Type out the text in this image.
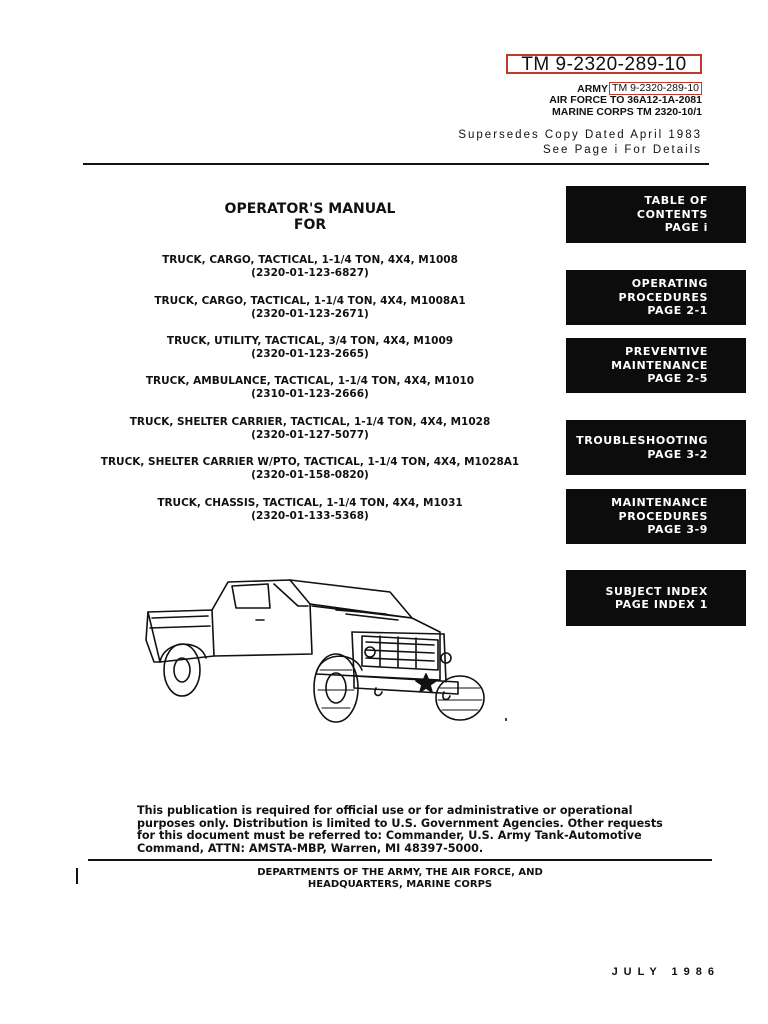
TM 9-2320-289-10
ARMY TM 9-2320-289-10
AIR FORCE TO 36A12-1A-2081
MARINE CORPS TM 2320-10/1
Supersedes Copy Dated April 1983
See Page i For Details
OPERATOR'S MANUAL
FOR
TRUCK, CARGO, TACTICAL, 1-1/4 TON, 4X4, M1008
(2320-01-123-6827)
TRUCK, CARGO, TACTICAL, 1-1/4 TON, 4X4, M1008A1
(2320-01-123-2671)
TRUCK, UTILITY, TACTICAL, 3/4 TON, 4X4, M1009
(2320-01-123-2665)
TRUCK, AMBULANCE, TACTICAL, 1-1/4 TON, 4X4, M1010
(2310-01-123-2666)
TRUCK, SHELTER CARRIER, TACTICAL, 1-1/4 TON, 4X4, M1028
(2320-01-127-5077)
TRUCK, SHELTER CARRIER W/PTO, TACTICAL, 1-1/4 TON, 4X4, M1028A1
(2320-01-158-0820)
TRUCK, CHASSIS, TACTICAL, 1-1/4 TON, 4X4, M1031
(2320-01-133-5368)
TABLE OF
CONTENTS
PAGE i
OPERATING
PROCEDURES
PAGE 2-1
PREVENTIVE
MAINTENANCE
PAGE 2-5
TROUBLESHOOTING
PAGE 3-2
MAINTENANCE
PROCEDURES
PAGE 3-9
SUBJECT INDEX
PAGE INDEX 1
This publication is required for official use or for administrative or operational purposes only. Distribution is limited to U.S. Government Agencies. Other requests for this document must be referred to: Commander, U.S. Army Tank-Automotive Command, ATTN: AMSTA-MBP, Warren, MI 48397-5000.
DEPARTMENTS OF THE ARMY, THE AIR FORCE, AND
HEADQUARTERS, MARINE CORPS
JULY 1986
